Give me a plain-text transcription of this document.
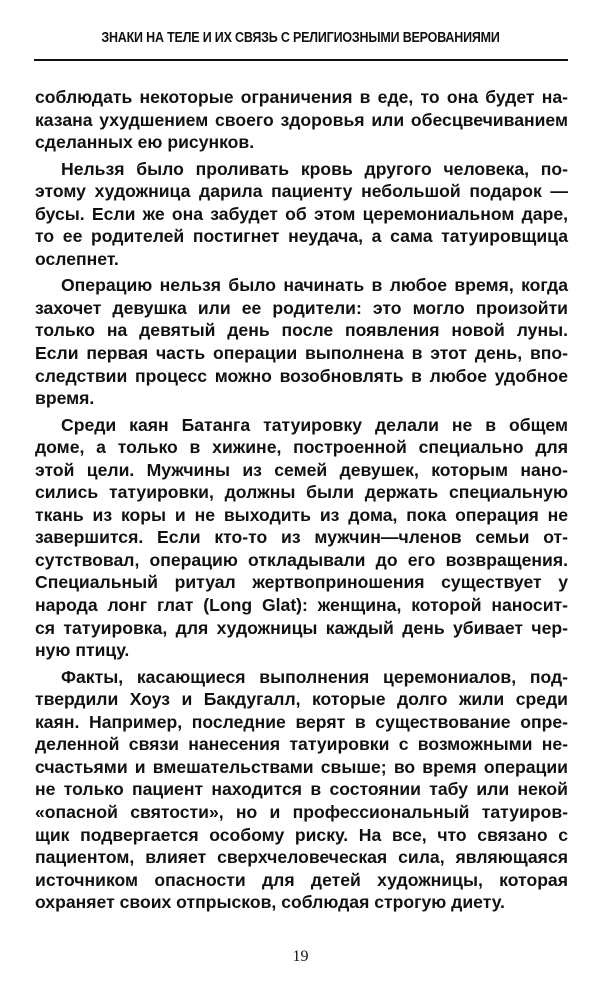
ЗНАКИ НА ТЕЛЕ И ИХ СВЯЗЬ С РЕЛИГИОЗНЫМИ ВЕРОВАНИЯМИ
соблюдать некоторые ограничения в еде, то она будет на-
казана ухудшением своего здоровья или обесцвечиванием
сделанных ею рисунков.
Нельзя было проливать кровь другого человека, по-
этому художница дарила пациенту небольшой подарок —
бусы. Если же она забудет об этом церемониальном даре,
то ее родителей постигнет неудача, а сама татуировщица
ослепнет.
Операцию нельзя было начинать в любое время, когда
захочет девушка или ее родители: это могло произойти
только на девятый день после появления новой луны.
Если первая часть операции выполнена в этот день, впо-
следствии процесс можно возобновлять в любое удобное
время.
Среди каян Батанга татуировку делали не в общем
доме, а только в хижине, построенной специально для
этой цели. Мужчины из семей девушек, которым нано-
сились татуировки, должны были держать специальную
ткань из коры и не выходить из дома, пока операция не
завершится. Если кто-то из мужчин—членов семьи от-
сутствовал, операцию откладывали до его возвращения.
Специальный ритуал жертвоприношения существует у
народа лонг глат (Long Glat): женщина, которой наносит-
ся татуировка, для художницы каждый день убивает чер-
ную птицу.
Факты, касающиеся выполнения церемониалов, под-
твердили Хоуз и Бакдугалл, которые долго жили среди
каян. Например, последние верят в существование опре-
деленной связи нанесения татуировки с возможными не-
счастьями и вмешательствами свыше; во время операции
не только пациент находится в состоянии табу или некой
«опасной святости», но и профессиональный татуиров-
щик подвергается особому риску. На все, что связано с
пациентом, влияет сверхчеловеческая сила, являющаяся
источником опасности для детей художницы, которая
охраняет своих отпрысков, соблюдая строгую диету.
19
